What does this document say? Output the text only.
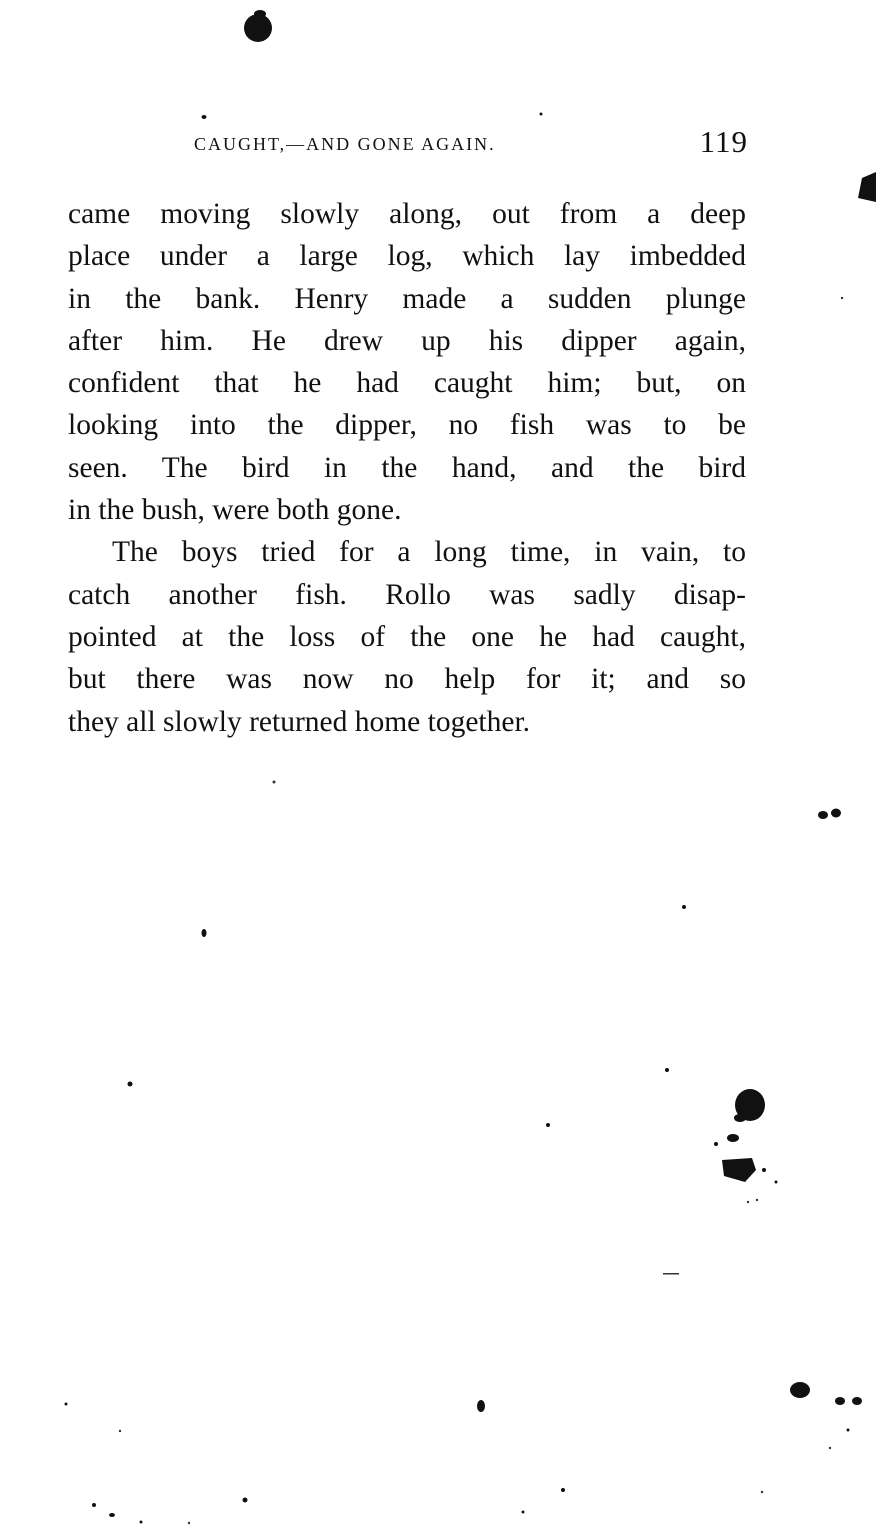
CAUGHT,—AND GONE AGAIN.	119

came moving slowly along, out from a deep
place under a large log, which lay imbedded
in the bank. Henry made a sudden plunge
after him. He drew up his dipper again,
confident that he had caught him; but, on
looking into the dipper, no fish was to be
seen. The bird in the hand, and the bird
in the bush, were both gone.

The boys tried for a long time, in vain, to
catch another fish. Rollo was sadly disap-
pointed at the loss of the one he had caught,
but there was now no help for it; and so
they all slowly returned home together.
